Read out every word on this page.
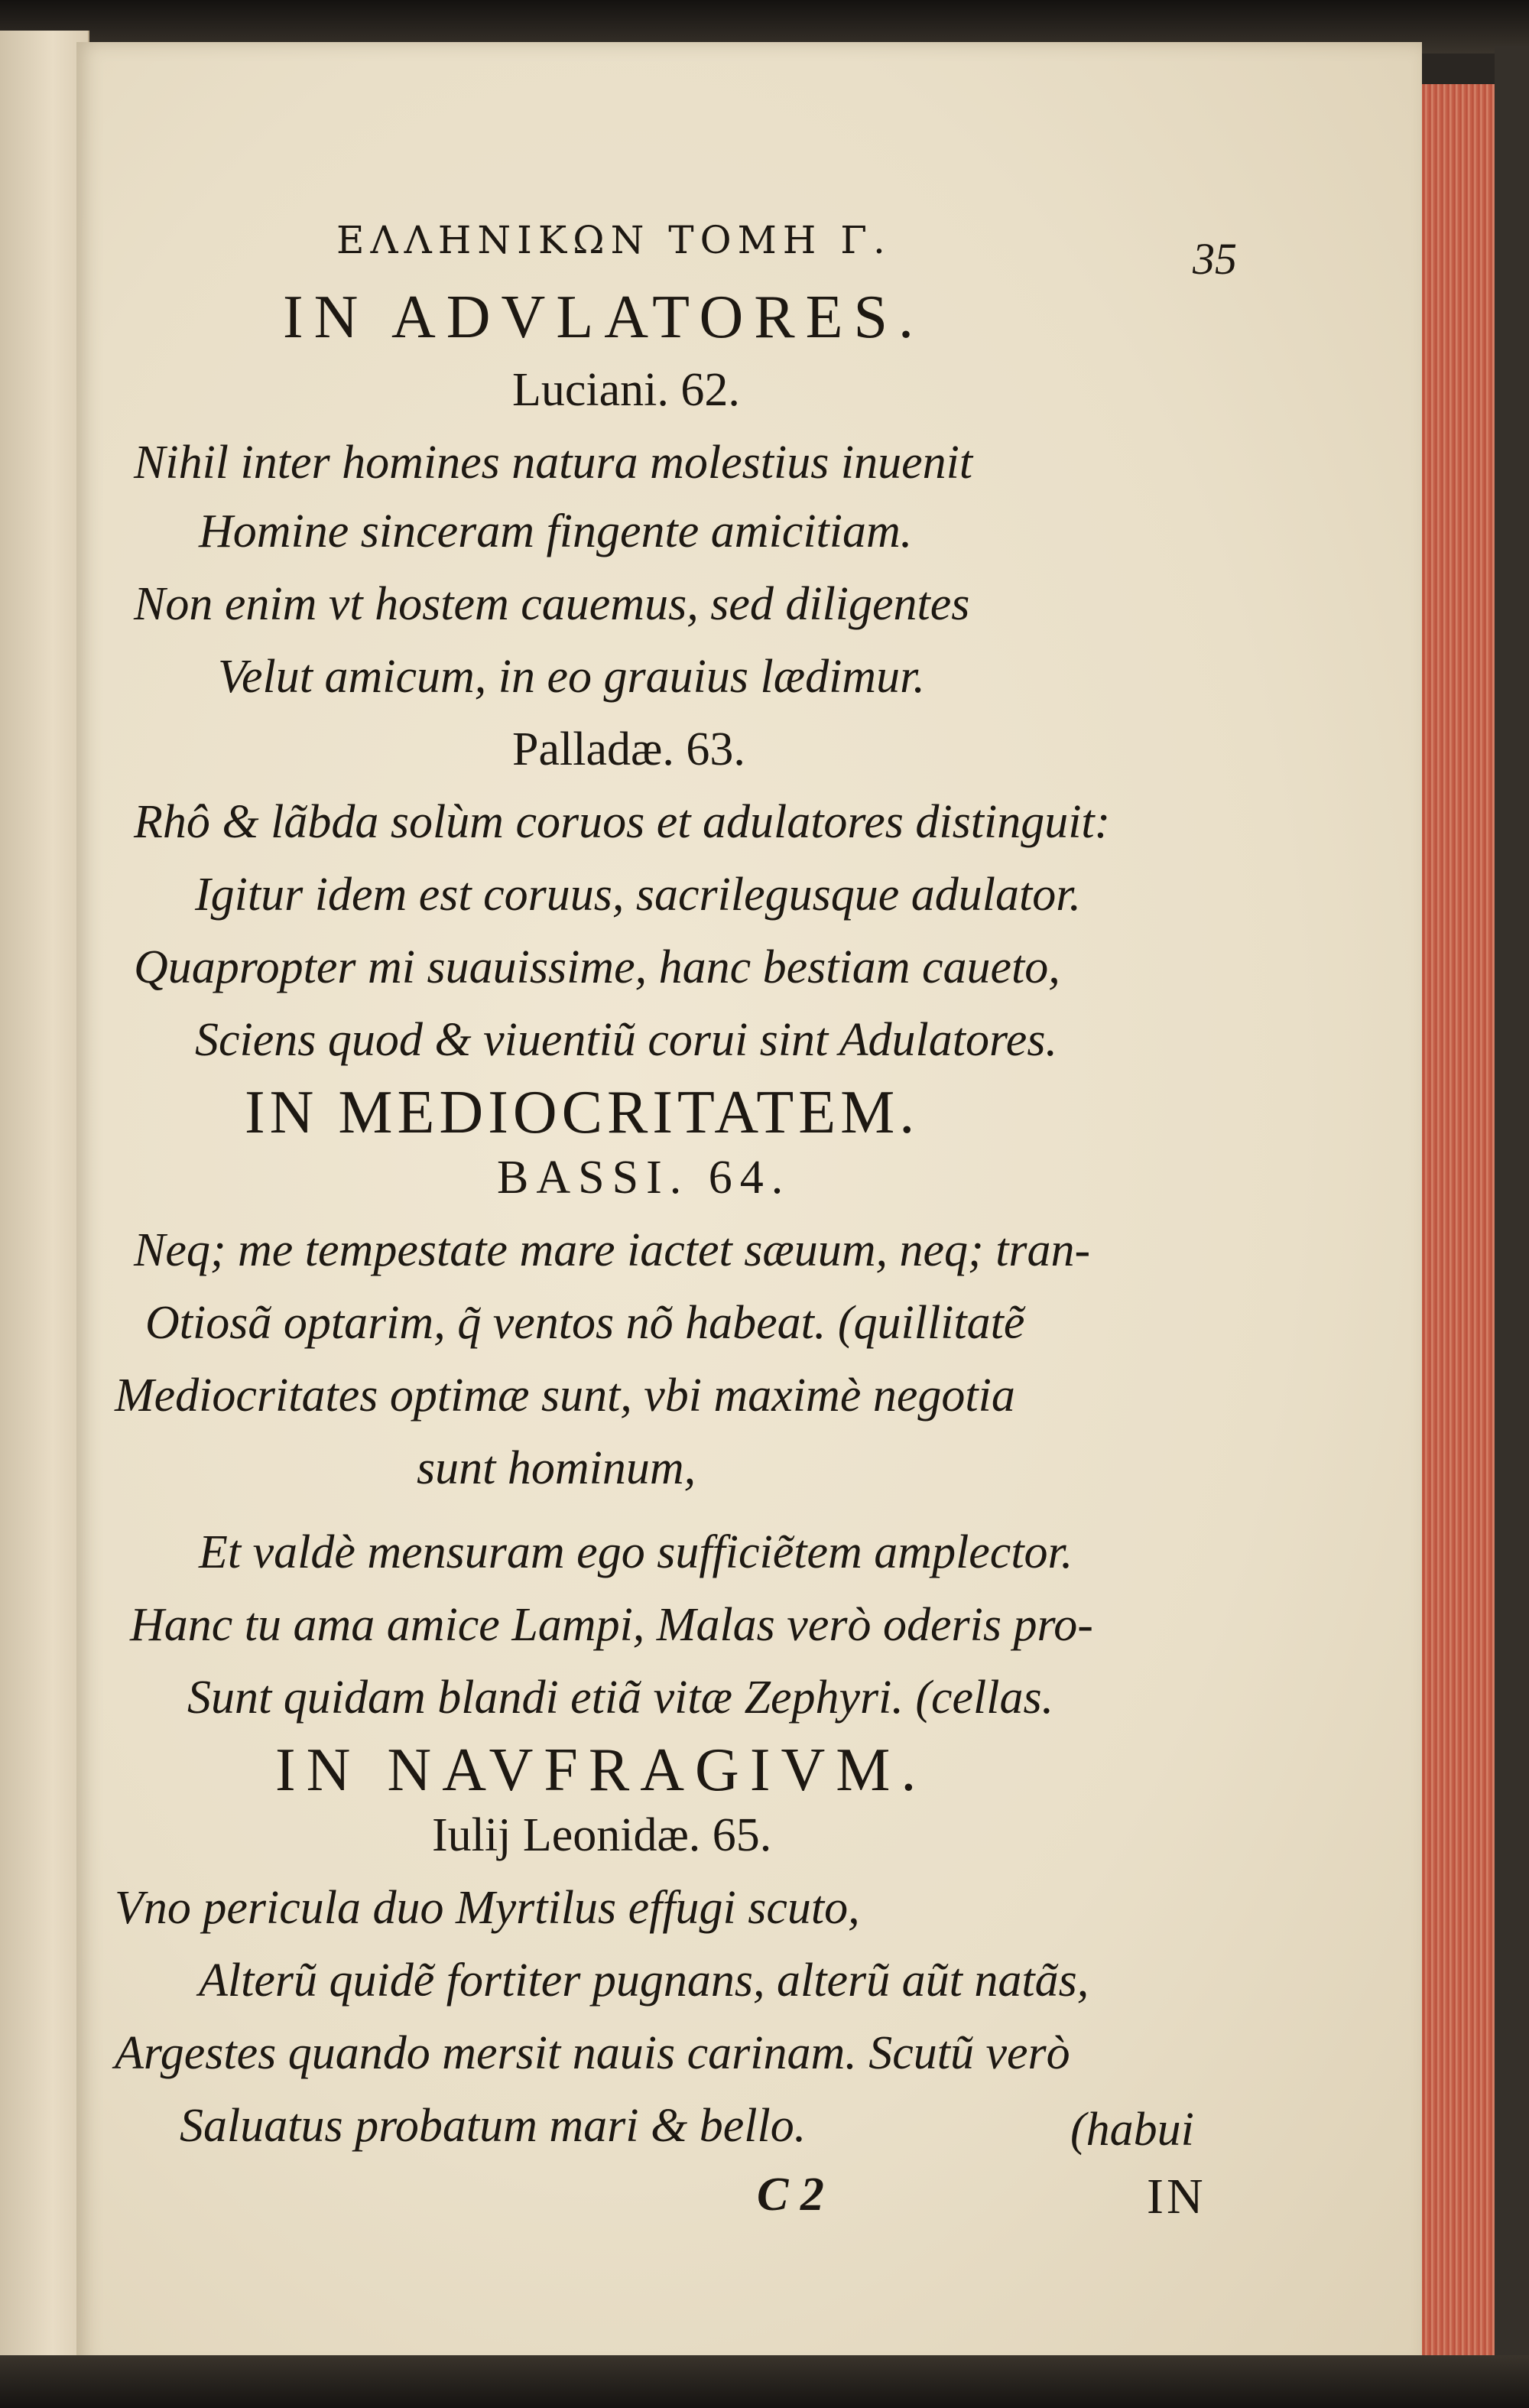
ΕΛΛΗΝΙΚΩΝ ΤΟΜΗ Γ.	35
IN ADVLATORES.
Luciani. 62.
Nihil inter homines natura molestius inuenit
Homine sinceram fingente amicitiam.
Non enim vt hostem cauemus, sed diligentes
Velut amicum, in eo grauius lædimur.
Palladæ. 63.
Rhô & lãbda solùm coruos et adulatores distinguit:
Igitur idem est coruus, sacrilegusque adulator.
Quapropter mi suauissime, hanc bestiam caueto,
Sciens quod & viuentiũ corui sint Adulatores.
IN MEDIOCRITATEM.
BASSI. 64.
Neq; me tempestate mare iactet sæuum, neq; tran-
Otiosã optarim, q̃ ventos nõ habeat. (quillitatẽ
Mediocritates optimæ sunt, vbi maximè negotia
sunt hominum,
Et valdè mensuram ego sufficiẽtem amplector.
Hanc tu ama amice Lampi, Malas verò oderis pro-
Sunt quidam blandi etiã vitæ Zephyri. (cellas.
IN NAVFRAGIVM.
Iulij Leonidæ. 65.
Vno pericula duo Myrtilus effugi scuto,
Alterũ quidẽ fortiter pugnans, alterũ aũt natãs,
Argestes quando mersit nauis carinam. Scutũ verò
Saluatus probatum mari & bello.	(habui
C 2	IN
